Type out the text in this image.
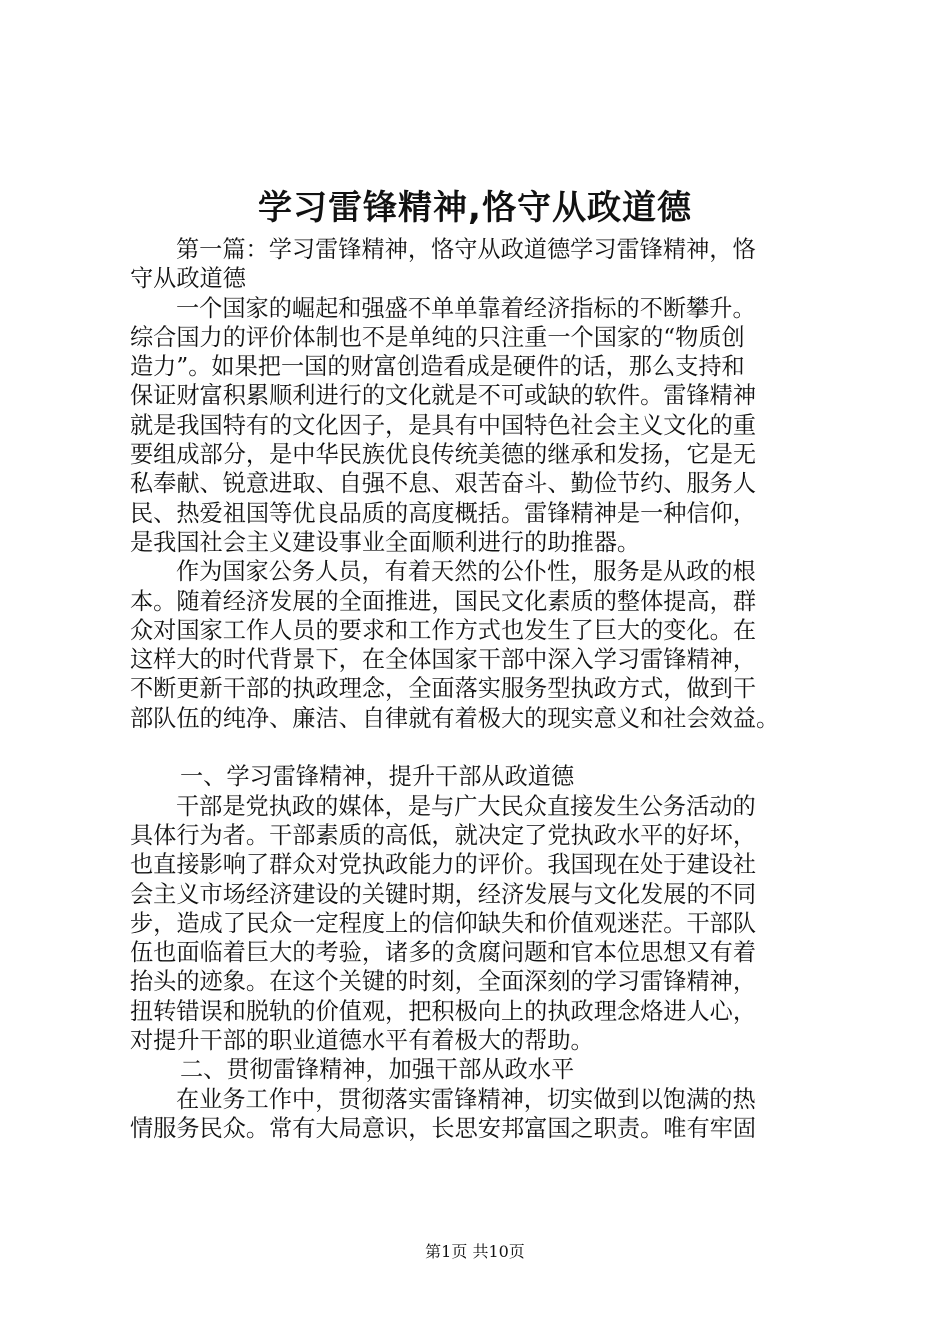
学习雷锋精神,恪守从政道德
第一篇：学习雷锋精神，恪守从政道德学习雷锋精神，恪
守从政道德
一个国家的崛起和强盛不单单靠着经济指标的不断攀升。
综合国力的评价体制也不是单纯的只注重一个国家的“物质创
造力”。如果把一国的财富创造看成是硬件的话，那么支持和
保证财富积累顺利进行的文化就是不可或缺的软件。雷锋精神
就是我国特有的文化因子，是具有中国特色社会主义文化的重
要组成部分，是中华民族优良传统美德的继承和发扬，它是无
私奉献、锐意进取、自强不息、艰苦奋斗、勤俭节约、服务人
民、热爱祖国等优良品质的高度概括。雷锋精神是一种信仰，
是我国社会主义建设事业全面顺利进行的助推器。
作为国家公务人员，有着天然的公仆性，服务是从政的根
本。随着经济发展的全面推进，国民文化素质的整体提高，群
众对国家工作人员的要求和工作方式也发生了巨大的变化。在
这样大的时代背景下，在全体国家干部中深入学习雷锋精神，
不断更新干部的执政理念，全面落实服务型执政方式，做到干
部队伍的纯净、廉洁、自律就有着极大的现实意义和社会效益。
一、学习雷锋精神，提升干部从政道德
干部是党执政的媒体，是与广大民众直接发生公务活动的
具体行为者。干部素质的高低，就决定了党执政水平的好坏，
也直接影响了群众对党执政能力的评价。我国现在处于建设社
会主义市场经济建设的关键时期，经济发展与文化发展的不同
步，造成了民众一定程度上的信仰缺失和价值观迷茫。干部队
伍也面临着巨大的考验，诸多的贪腐问题和官本位思想又有着
抬头的迹象。在这个关键的时刻，全面深刻的学习雷锋精神，
扭转错误和脱轨的价值观，把积极向上的执政理念烙进人心，
对提升干部的职业道德水平有着极大的帮助。
二、贯彻雷锋精神，加强干部从政水平
在业务工作中，贯彻落实雷锋精神，切实做到以饱满的热
情服务民众。常有大局意识，长思安邦富国之职责。唯有牢固
第1页 共10页
